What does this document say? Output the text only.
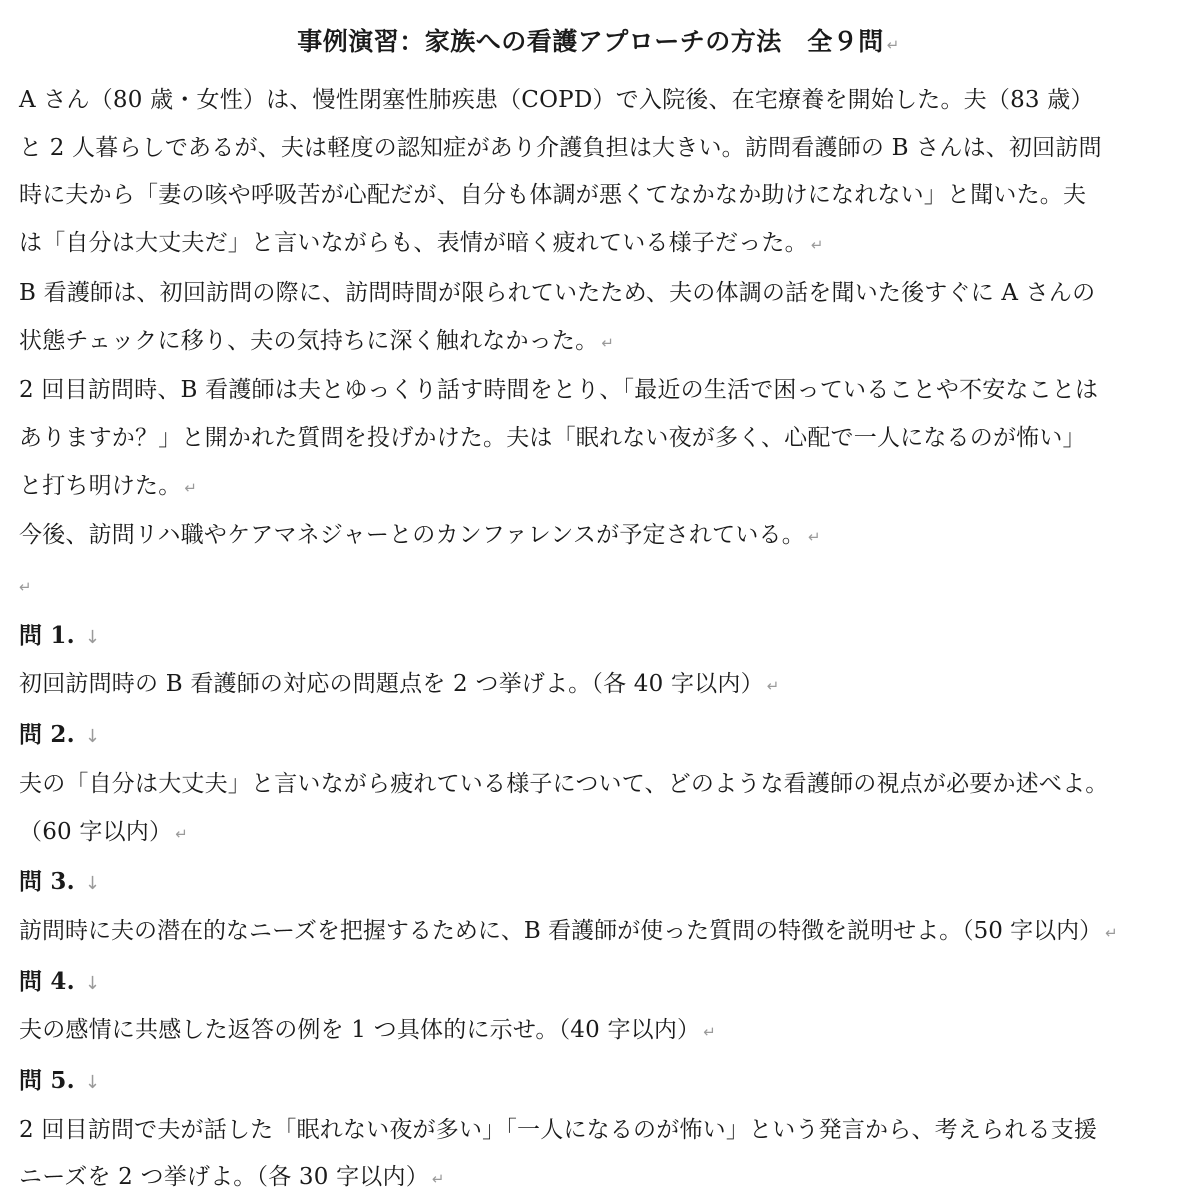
事例演習：家族への看護アプローチの方法　全９問 ↵
A さん（80 歳・女性）は、慢性閉塞性肺疾患（COPD）で入院後、在宅療養を開始した。夫（83 歳）
と 2 人暮らしであるが、夫は軽度の認知症があり介護負担は大きい。訪問看護師の B さんは、初回訪問
時に夫から「妻の咳や呼吸苦が心配だが、自分も体調が悪くてなかなか助けになれない」と聞いた。夫
は「自分は大丈夫だ」と言いながらも、表情が暗く疲れている様子だった。 ↵
B 看護師は、初回訪問の際に、訪問時間が限られていたため、夫の体調の話を聞いた後すぐに A さんの
状態チェックに移り、夫の気持ちに深く触れなかった。 ↵
2 回目訪問時、B 看護師は夫とゆっくり話す時間をとり、「最近の生活で困っていることや不安なことは
ありますか？」と開かれた質問を投げかけた。夫は「眠れない夜が多く、心配で一人になるのが怖い」
と打ち明けた。 ↵
今後、訪問リハ職やケアマネジャーとのカンファレンスが予定されている。 ↵
↵
問 1. ↓
初回訪問時の B 看護師の対応の問題点を 2 つ挙げよ。（各 40 字以内） ↵
問 2. ↓
夫の「自分は大丈夫」と言いながら疲れている様子について、どのような看護師の視点が必要か述べよ。
（60 字以内） ↵
問 3. ↓
訪問時に夫の潜在的なニーズを把握するために、B 看護師が使った質問の特徴を説明せよ。（50 字以内） ↵
問 4. ↓
夫の感情に共感した返答の例を 1 つ具体的に示せ。（40 字以内） ↵
問 5. ↓
2 回目訪問で夫が話した「眠れない夜が多い」「一人になるのが怖い」という発言から、考えられる支援
ニーズを 2 つ挙げよ。（各 30 字以内） ↵
